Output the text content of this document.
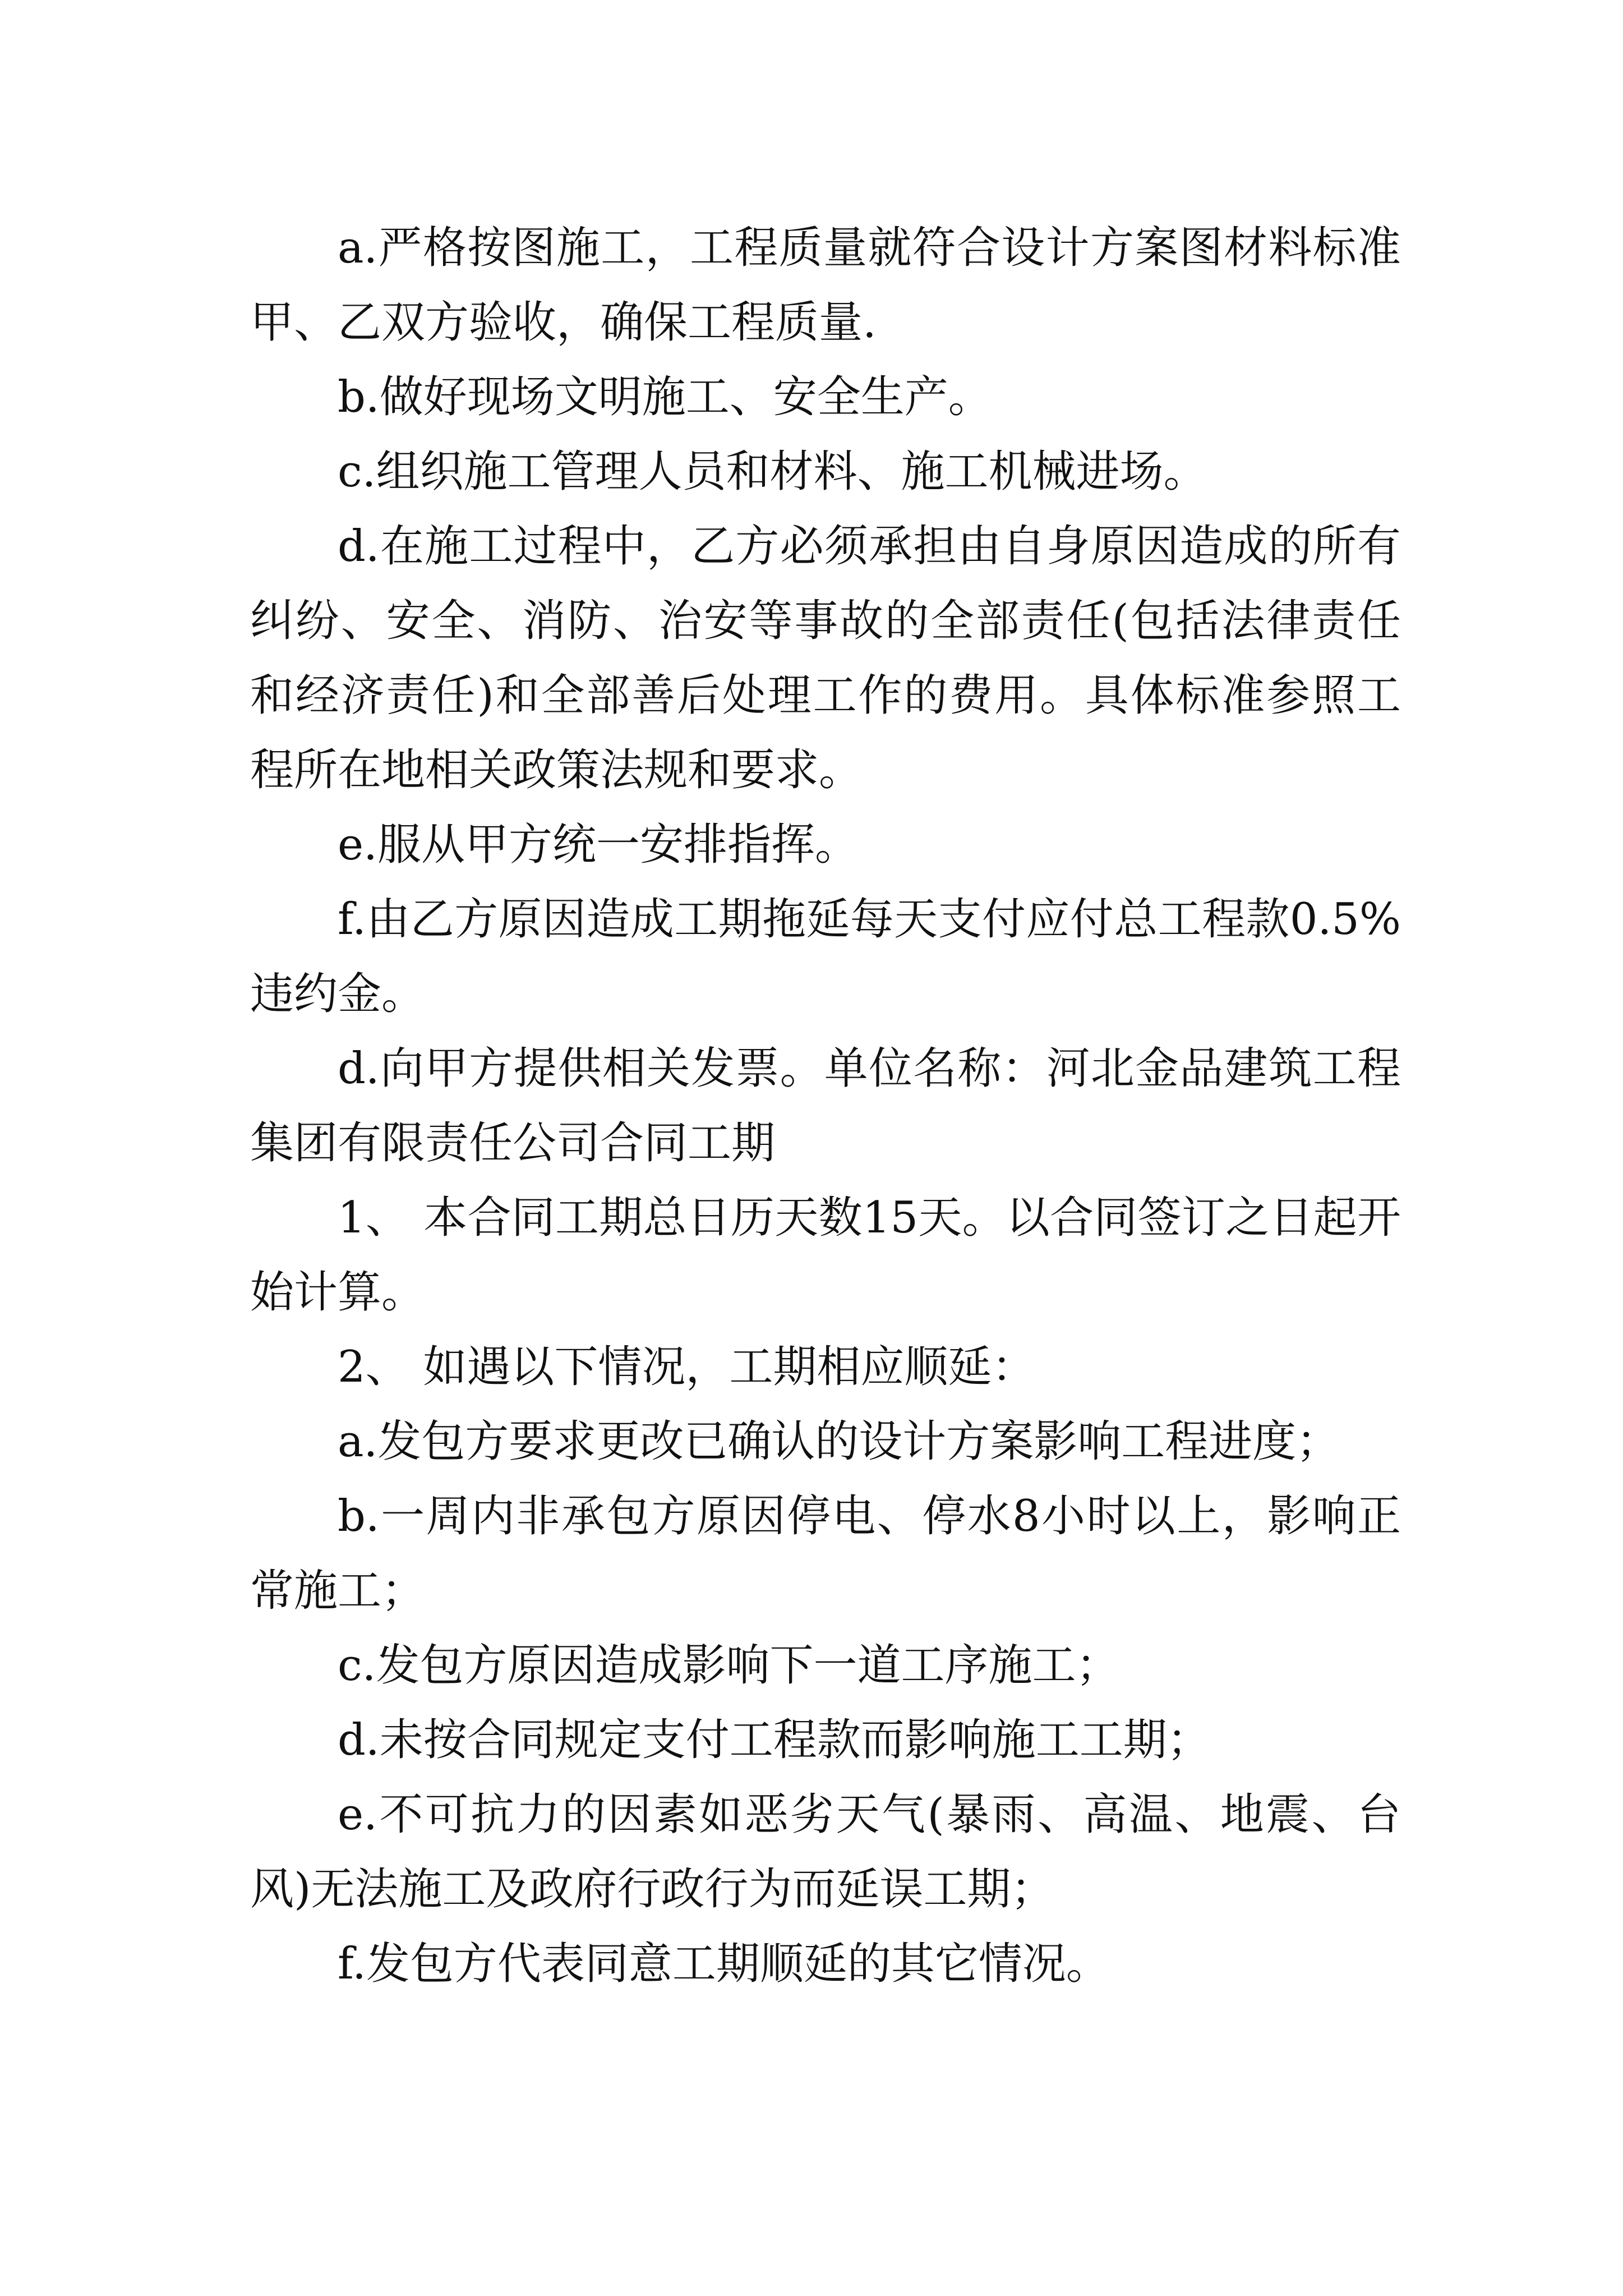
a.严格按图施工，工程质量就符合设计方案图材料标准甲、乙双方验收，确保工程质量.

b.做好现场文明施工、安全生产。

c.组织施工管理人员和材料、施工机械进场。

d.在施工过程中，乙方必须承担由自身原因造成的所有纠纷、安全、消防、治安等事故的全部责任(包括法律责任和经济责任)和全部善后处理工作的费用。具体标准参照工程所在地相关政策法规和要求。

e.服从甲方统一安排指挥。

f.由乙方原因造成工期拖延每天支付应付总工程款0.5%违约金。

d.向甲方提供相关发票。单位名称：河北金品建筑工程集团有限责任公司合同工期

1、 本合同工期总日历天数15天。以合同签订之日起开始计算。

2、 如遇以下情况，工期相应顺延：

a.发包方要求更改已确认的设计方案影响工程进度；

b.一周内非承包方原因停电、停水8小时以上，影响正常施工；

c.发包方原因造成影响下一道工序施工；

d.未按合同规定支付工程款而影响施工工期；

e.不可抗力的因素如恶劣天气(暴雨、高温、地震、台风)无法施工及政府行政行为而延误工期；

f.发包方代表同意工期顺延的其它情况。
